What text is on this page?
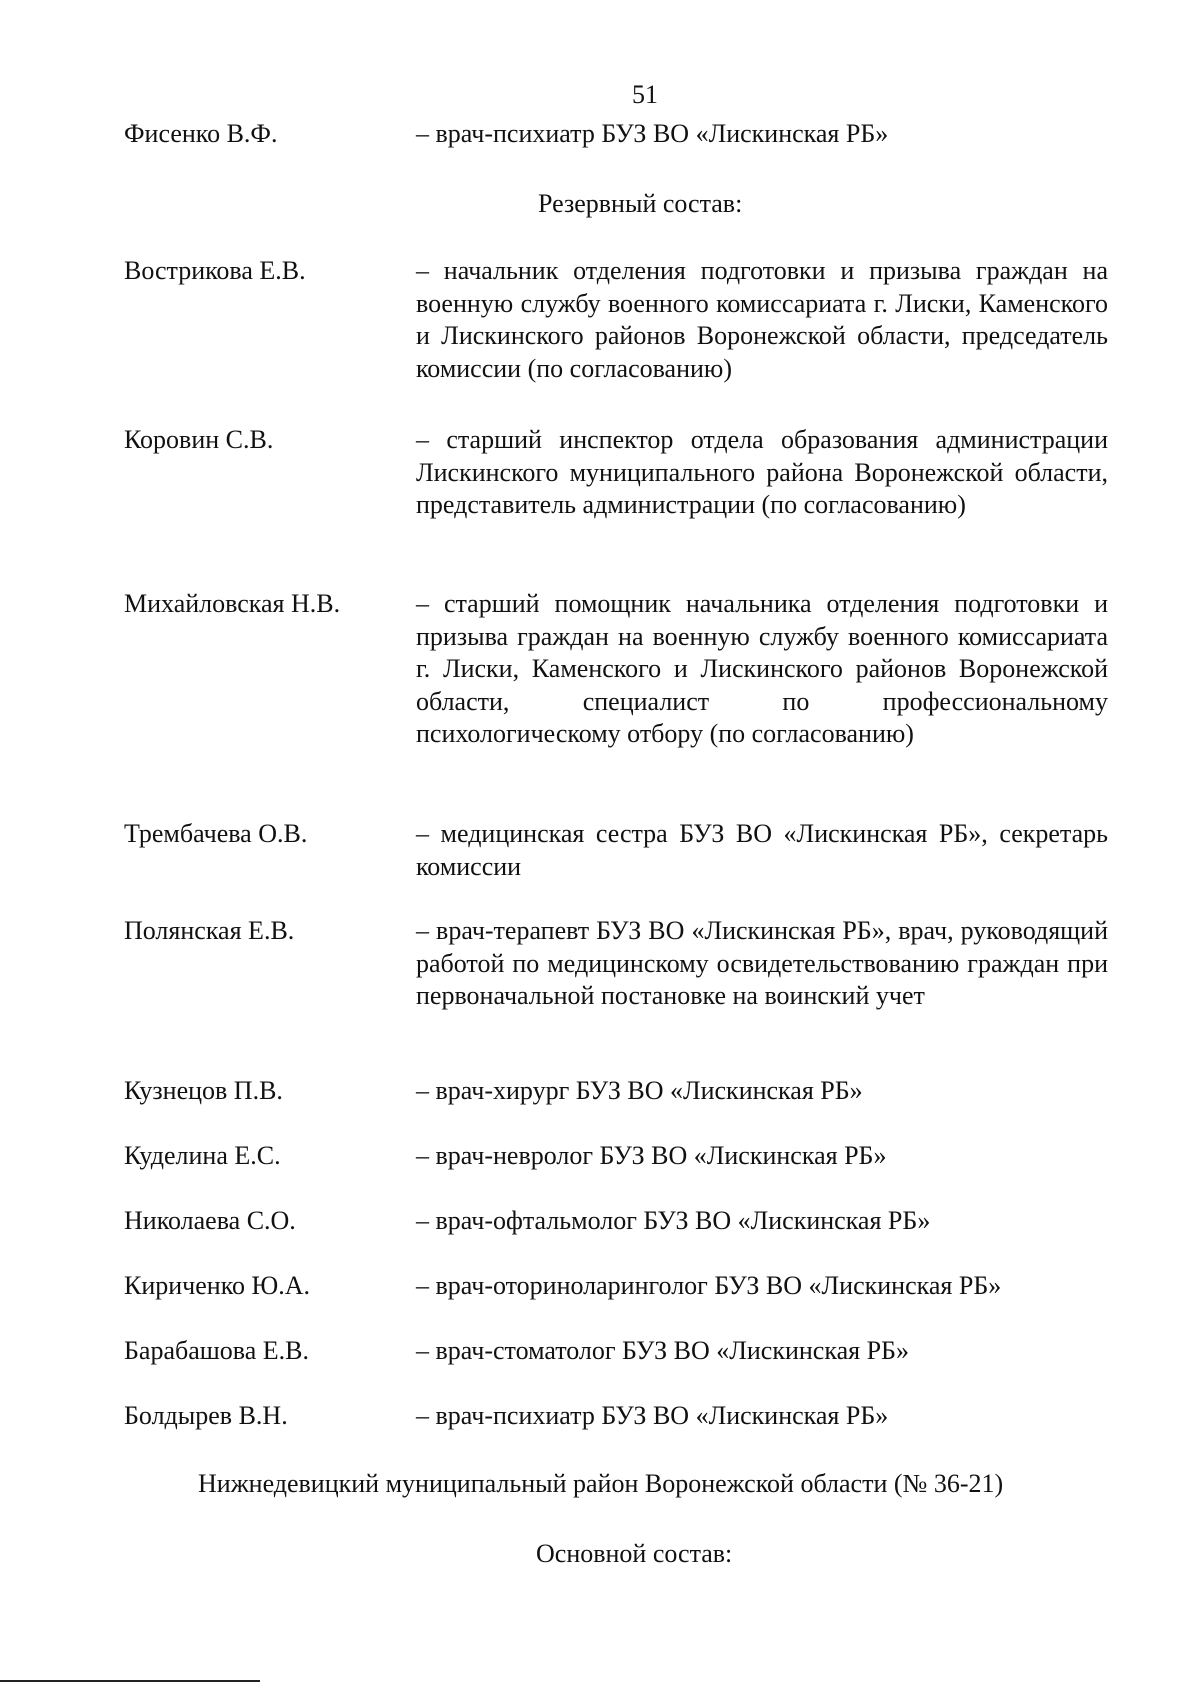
51
Фисенко В.Ф.	– врач-психиатр БУЗ ВО «Лискинская РБ»
Резервный состав:
Вострикова Е.В.	– начальник отделения подготовки и призыва граждан на военную службу военного комиссариата г. Лиски, Каменского и Лискинского районов Воронежской области, председатель комиссии (по согласованию)
Коровин С.В.	– старший инспектор отдела образования администрации Лискинского муниципального района Воронежской области, представитель администрации (по согласованию)
Михайловская Н.В.	– старший помощник начальника отделения подготовки и призыва граждан на военную службу военного комиссариата г. Лиски, Каменского и Лискинского районов Воронежской области, специалист по профессиональному психологическому отбору (по согласованию)
Трембачева О.В.	– медицинская сестра БУЗ ВО «Лискинская РБ», секретарь комиссии
Полянская Е.В.	– врач-терапевт БУЗ ВО «Лискинская РБ», врач, руководящий работой по медицинскому освидетельствованию граждан при первоначальной постановке на воинский учет
Кузнецов П.В.	– врач-хирург БУЗ ВО «Лискинская РБ»
Куделина Е.С.	– врач-невролог БУЗ ВО «Лискинская РБ»
Николаева С.О.	– врач-офтальмолог БУЗ ВО «Лискинская РБ»
Кириченко Ю.А.	– врач-оториноларинголог БУЗ ВО «Лискинская РБ»
Барабашова Е.В.	– врач-стоматолог БУЗ ВО «Лискинская РБ»
Болдырев В.Н.	– врач-психиатр БУЗ ВО «Лискинская РБ»
Нижнедевицкий муниципальный район Воронежской области (№ 36-21)
Основной состав:
